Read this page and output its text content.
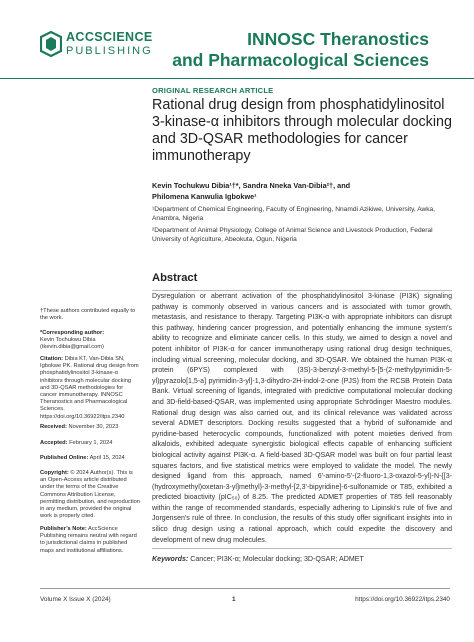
ACCSCIENCE
PUBLISHING
INNOSC Theranostics
and Pharmacological Sciences
ORIGINAL RESEARCH ARTICLE
Rational drug design from phosphatidylinositol 3-kinase-α inhibitors through molecular docking and 3D-QSAR methodologies for cancer immunotherapy
Kevin Tochukwu Dibia¹†*, Sandra Nneka Van-Dibia²†, and
Philomena Kanwulia Igbokwe¹
¹Department of Chemical Engineering, Faculty of Engineering, Nnamdi Azikiwe, University, Awka, Anambra, Nigeria
²Department of Animal Physiology, College of Animal Science and Livestock Production, Federal University of Agriculture, Abeokuta, Ogun, Nigeria
Abstract
Dysregulation or aberrant activation of the phosphatidylinositol 3-kinase (PI3K) signaling pathway is commonly observed in various cancers and is associated with tumor growth, metastasis, and resistance to therapy. Targeting PI3K-α with appropriate inhibitors can disrupt this pathway, hindering cancer progression, and potentially enhancing the immune system's ability to recognize and eliminate cancer cells. In this study, we aimed to design a novel and potent inhibitor of PI3K-α for cancer immunotherapy using rational drug design techniques, including virtual screening, molecular docking, and 3D-QSAR. We obtained the human PI3K-α protein (6PYS) complexed with (3S)-3-benzyl-3-methyl-5-[5-(2-methylpyrimidin-5-yl)pyrazolo[1,5-a] pyrimidin-3-yl]-1,3-dihydro-2H-indol-2-one (PJS) from the RCSB Protein Data Bank. Virtual screening of ligands, integrated with predictive computational molecular docking and 3D-field-based-QSAR, was implemented using appropriate Schrödinger Maestro modules. Rational drug design was also carried out, and its clinical relevance was validated across several ADMET descriptors. Docking results suggested that a hybrid of sulfonamide and pyridine-based heterocyclic compounds, functionalized with potent moieties derived from alkaloids, exhibited adequate synergistic biological effects capable of enhancing sufficient biological activity against PI3K-α. A field-based 3D-QSAR model was built on four partial least squares factors, and five statistical metrics were employed to validate the model. The newly designed ligand from this approach, named 6'-amino-5'-(2-fluoro-1,3-oxazol-5-yl)-N-{[3-(hydroxymethyl)oxetan-3-yl]methyl}-3-methyl-[2,3'-bipyridine]-6-sulfonamide or T85, exhibited a predicted bioactivity (pIC₅₀) of 8.25. The predicted ADMET properties of T85 fell reasonably within the range of recommended standards, especially adhering to Lipinski's rule of five and Jorgensen's rule of three. In conclusion, the results of this study offer significant insights into in silico drug design using a rational approach, which could expedite the discovery and development of new drug molecules.
Keywords: Cancer; PI3K-α; Molecular docking; 3D-QSAR; ADMET
†These authors contributed equally to the work.
*Corresponding author:
Kevin Tochukwu Dibia (tkevin.dibia@gmail.com)
Citation: Dibia KT, Van-Dibia SN, Igbokwe PK. Rational drug design from phosphatidylinositol 3-kinase-α inhibitors through molecular docking and 3D-QSAR methodologies for cancer immunotherapy. INNOSC Theranostics and Pharmacological Sciences. https://doi.org/10.36922/itps.2340
Received: November 30, 2023
Accepted: February 1, 2024
Published Online: April 15, 2024
Copyright: © 2024 Author(s). This is an Open-Access article distributed under the terms of the Creative Commons Attribution License, permitting distribution, and reproduction in any medium, provided the original work is properly cited.
Publisher’s Note: AccScience Publishing remains neutral with regard to jurisdictional claims in published maps and institutional affiliations.
Volume X Issue X (2024)	1	https://doi.org/10.36922/itps.2340
